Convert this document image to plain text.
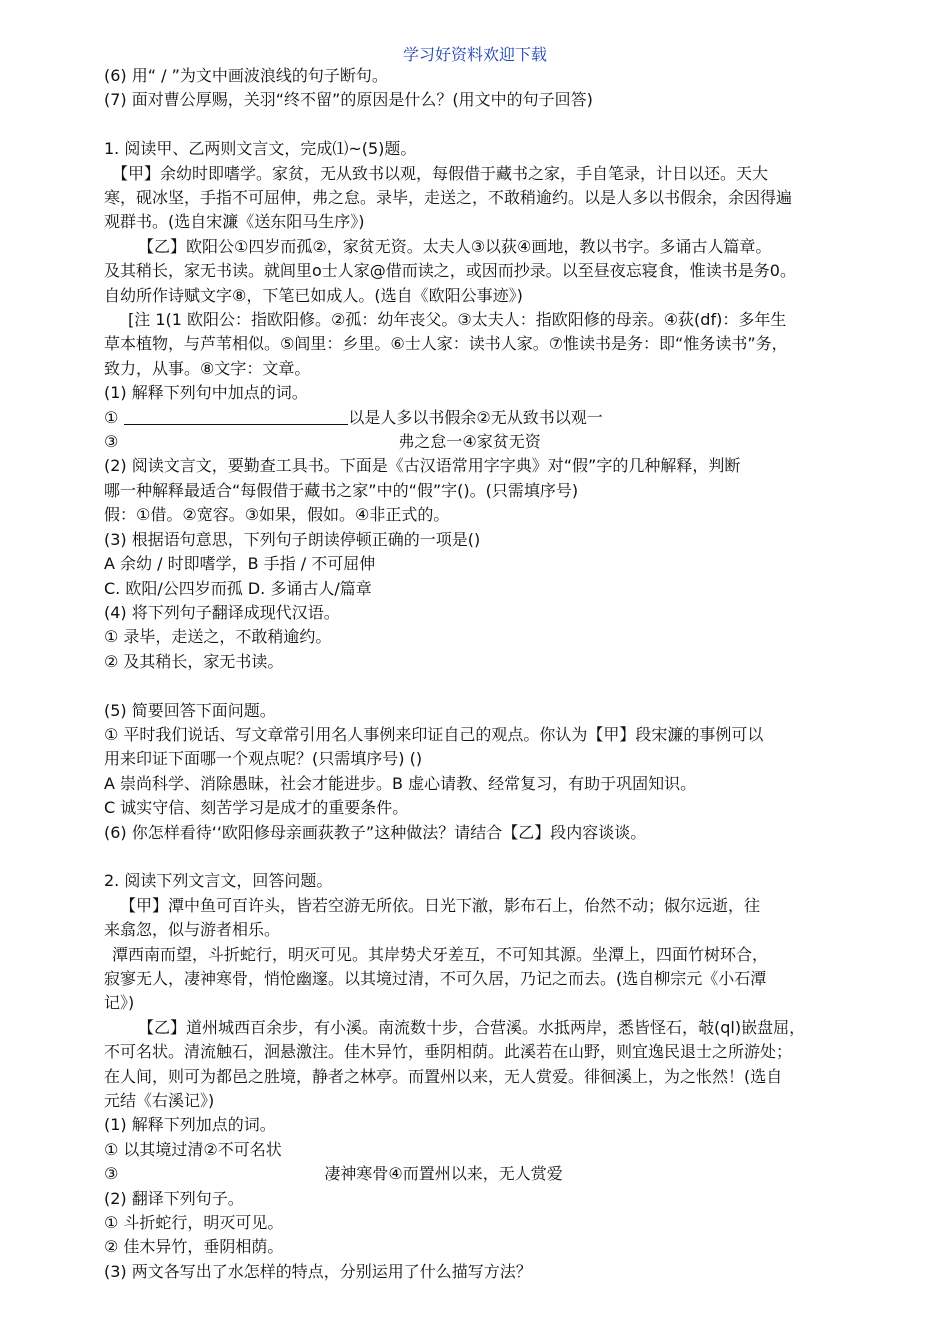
学习好资料欢迎下载
(6) 用“ / ”为文中画波浪线的句子断句。
(7) 面对曹公厚赐，关羽“终不留”的原因是什么？(用文中的句子回答)
1. 阅读甲、乙两则文言文，完成⑴~(5)题。
【甲】余幼时即嗜学。家贫，无从致书以观，每假借于藏书之家，手自笔录，计日以还。天大
寒，砚冰坚，手指不可屈伸，弗之怠。录毕，走送之，不敢稍逾约。以是人多以书假余，余因得遍
观群书。(选自宋濂《送东阳马生序》)
【乙】欧阳公①四岁而孤②，家贫无资。太夫人③以荻④画地，教以书字。多诵古人篇章。
及其稍长，家无书读。就闾里o士人家@借而读之，或因而抄录。以至昼夜忘寝食，惟读书是务0。
自幼所作诗赋文字⑧，下笔已如成人。(选自《欧阳公事迹》)
[注 1(1 欧阳公：指欧阳修。②孤：幼年丧父。③太夫人：指欧阳修的母亲。④荻(df)：多年生
草本植物，与芦苇相似。⑤闾里：乡里。⑥士人家：读书人家。⑦惟读书是务：即“惟务读书”务，
致力，从事。⑧文字：文章。
(1) 解释下列句中加点的词。
①	以是人多以书假余②无从致书以观一
③	弗之怠一④家贫无资
(2) 阅读文言文，要勤查工具书。下面是《古汉语常用字字典》对“假”字的几种解释，判断
哪一种解释最适合“每假借于藏书之家”中的“假”字()。(只需填序号)
假：①借。②宽容。③如果，假如。④非正式的。
(3) 根据语句意思，下列句子朗读停顿正确的一项是()
A 余幼 / 时即嗜学，B 手指 / 不可屈伸
C. 欧阳/公四岁而孤 D. 多诵古人/篇章
(4) 将下列句子翻译成现代汉语。
① 录毕，走送之，不敢稍逾约。
② 及其稍长，家无书读。
(5) 简要回答下面问题。
① 平时我们说话、写文章常引用名人事例来印证自己的观点。你认为【甲】段宋濂的事例可以
用来印证下面哪一个观点呢？(只需填序号) ()
A 崇尚科学、消除愚昧，社会才能进步。B 虚心请教、经常复习，有助于巩固知识。
C 诚实守信、刻苦学习是成才的重要条件。
(6) 你怎样看待‘‘欧阳修母亲画荻教子”这种做法？请结合【乙】段内容谈谈。
2. 阅读下列文言文，回答问题。
【甲】潭中鱼可百许头，皆若空游无所依。日光下澈，影布石上，佁然不动；俶尔远逝，往
来翕忽，似与游者相乐。
潭西南而望，斗折蛇行，明灭可见。其岸势犬牙差互，不可知其源。坐潭上，四面竹树环合，
寂寥无人，凄神寒骨，悄怆幽邃。以其境过清，不可久居，乃记之而去。(选自柳宗元《小石潭
记》)
【乙】道州城西百余步，有小溪。南流数十步，合营溪。水抵两岸，悉皆怪石，攲(ql)嵌盘屈，
不可名状。清流触石，洄悬激注。佳木异竹，垂阴相荫。此溪若在山野，则宜逸民退士之所游处；
在人间，则可为都邑之胜境，静者之林亭。而置州以来，无人赏爱。徘徊溪上，为之怅然！(选自
元结《右溪记》)
(1) 解释下列加点的词。
① 以其境过清②不可名状
③	凄神寒骨④而置州以来，无人赏爱
(2) 翻译下列句子。
① 斗折蛇行，明灭可见。
② 佳木异竹，垂阴相荫。
(3) 两文各写出了水怎样的特点，分别运用了什么描写方法？
